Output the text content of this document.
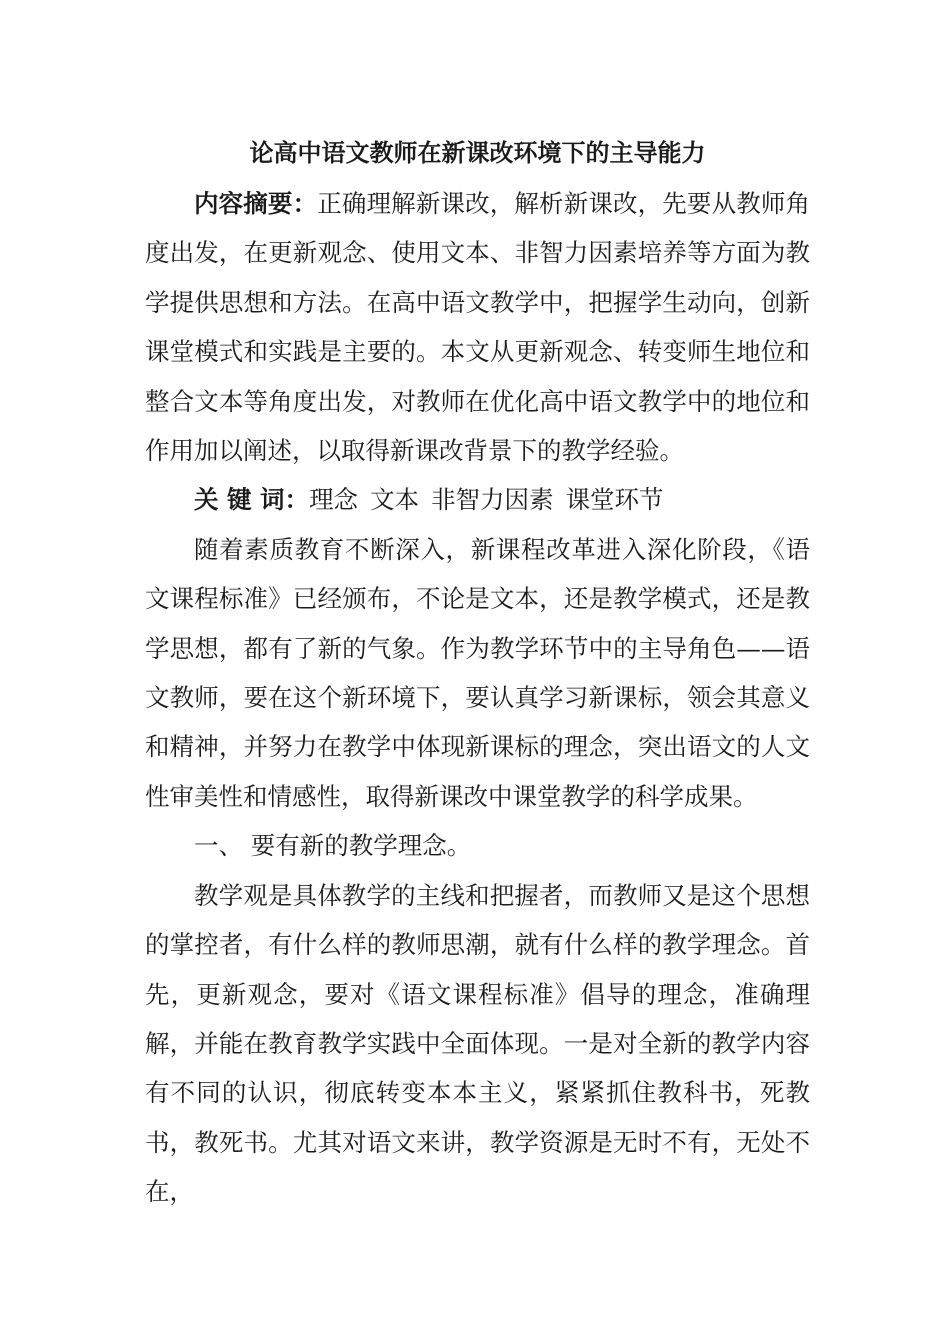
论高中语文教师在新课改环境下的主导能力

内容摘要：正确理解新课改，解析新课改，先要从教师角度出发，在更新观念、使用文本、非智力因素培养等方面为教学提供思想和方法。在高中语文教学中，把握学生动向，创新课堂模式和实践是主要的。本文从更新观念、转变师生地位和整合文本等角度出发，对教师在优化高中语文教学中的地位和作用加以阐述，以取得新课改背景下的教学经验。

关 键 词：理念 文本 非智力因素 课堂环节

随着素质教育不断深入，新课程改革进入深化阶段，《语文课程标准》已经颁布，不论是文本，还是教学模式，还是教学思想，都有了新的气象。作为教学环节中的主导角色——语文教师，要在这个新环境下，要认真学习新课标，领会其意义和精神，并努力在教学中体现新课标的理念，突出语文的人文性审美性和情感性，取得新课改中课堂教学的科学成果。

一、 要有新的教学理念。

教学观是具体教学的主线和把握者，而教师又是这个思想的掌控者，有什么样的教师思潮，就有什么样的教学理念。首先，更新观念，要对《语文课程标准》倡导的理念，准确理解，并能在教育教学实践中全面体现。一是对全新的教学内容有不同的认识，彻底转变本本主义，紧紧抓住教科书，死教书，教死书。尤其对语文来讲，教学资源是无时不有，无处不在，
